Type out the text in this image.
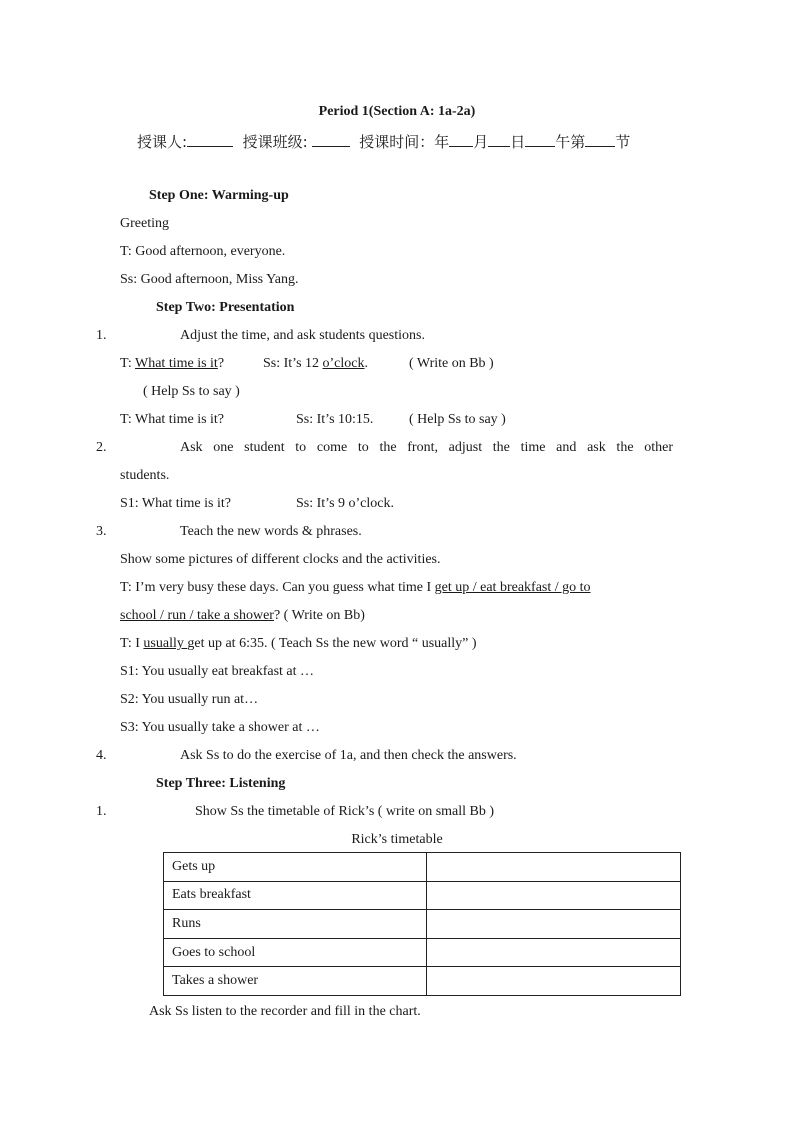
Period 1(Section A: 1a-2a)
授课人:	授课班级:	授课时间：年 月 日 午第 节
Step One: Warming-up
Greeting
T: Good afternoon, everyone.
Ss: Good afternoon, Miss Yang.
Step Two: Presentation
1.	Adjust the time, and ask students questions.
T: What time is it?	Ss: It’s 12 o’clock.	( Write on Bb )
( Help Ss to say )
T: What time is it?	Ss: It’s 10:15.	( Help Ss to say )
2.	Ask one student to come to the front, adjust the time and ask the other
students.
S1: What time is it?	Ss: It’s 9 o’clock.
3.	Teach the new words & phrases.
Show some pictures of different clocks and the activities.
T: I’m very busy these days. Can you guess what time I get up / eat breakfast / go to
school / run / take a shower? ( Write on Bb)
T: I usually get up at 6:35. ( Teach Ss the new word “ usually” )
S1: You usually eat breakfast at …
S2: You usually run at…
S3: You usually take a shower at …
4.	Ask Ss to do the exercise of 1a, and then check the answers.
Step Three: Listening
1.	Show Ss the timetable of Rick’s ( write on small Bb )
Rick’s timetable
Gets up	
Eats breakfast	
Runs	
Goes to school	
Takes a shower	
Ask Ss listen to the recorder and fill in the chart.
